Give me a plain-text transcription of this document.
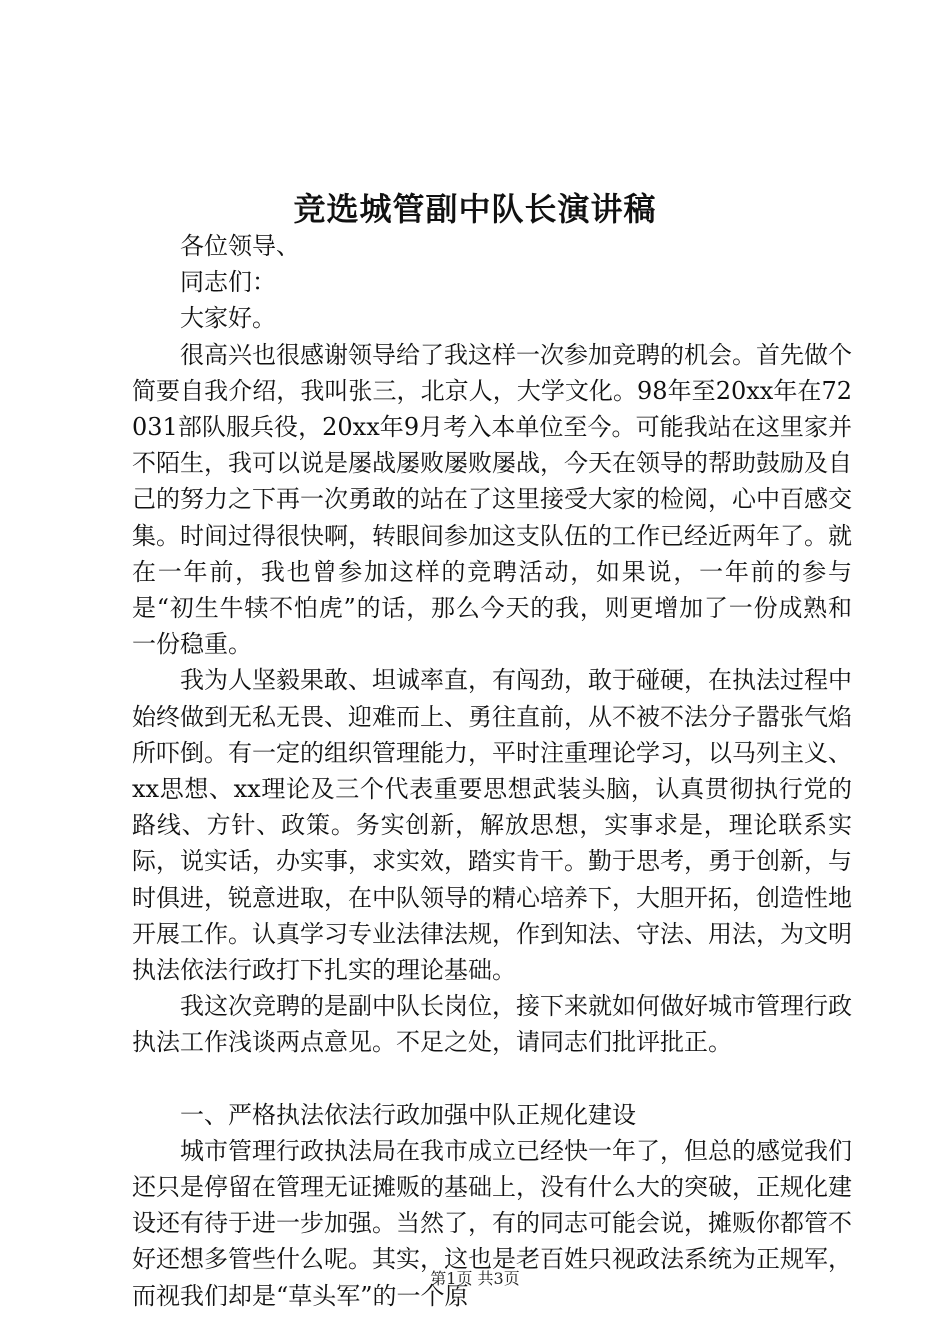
竞选城管副中队长演讲稿

各位领导、

同志们：

大家好。

很高兴也很感谢领导给了我这样一次参加竞聘的机会。首先做个简要自我介绍，我叫张三，北京人，大学文化。98年至20xx年在72031部队服兵役，20xx年9月考入本单位至今。可能我站在这里家并不陌生，我可以说是屡战屡败屡败屡战，今天在领导的帮助鼓励及自己的努力之下再一次勇敢的站在了这里接受大家的检阅，心中百感交集。时间过得很快啊，转眼间参加这支队伍的工作已经近两年了。就在一年前，我也曾参加这样的竞聘活动，如果说，一年前的参与是“初生牛犊不怕虎”的话，那么今天的我，则更增加了一份成熟和一份稳重。

我为人坚毅果敢、坦诚率直，有闯劲，敢于碰硬，在执法过程中始终做到无私无畏、迎难而上、勇往直前，从不被不法分子嚣张气焰所吓倒。有一定的组织管理能力，平时注重理论学习，以马列主义、xx思想、xx理论及三个代表重要思想武装头脑，认真贯彻执行党的路线、方针、政策。务实创新，解放思想，实事求是，理论联系实际，说实话，办实事，求实效，踏实肯干。勤于思考，勇于创新，与时俱进，锐意进取，在中队领导的精心培养下，大胆开拓，创造性地开展工作。认真学习专业法律法规，作到知法、守法、用法，为文明执法依法行政打下扎实的理论基础。

我这次竞聘的是副中队长岗位，接下来就如何做好城市管理行政执法工作浅谈两点意见。不足之处，请同志们批评批正。

一、严格执法依法行政加强中队正规化建设

城市管理行政执法局在我市成立已经快一年了，但总的感觉我们还只是停留在管理无证摊贩的基础上，没有什么大的突破，正规化建设还有待于进一步加强。当然了，有的同志可能会说，摊贩你都管不好还想多管些什么呢。其实，这也是老百姓只视政法系统为正规军，而视我们却是“草头军”的一个原

第1页 共3页
